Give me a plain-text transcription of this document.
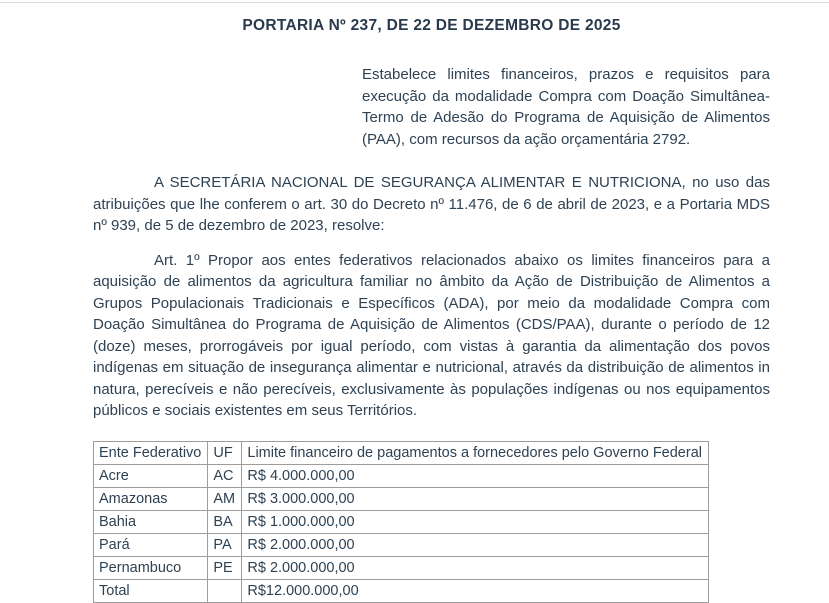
PORTARIA Nº 237, DE 22 DE DEZEMBRO DE 2025

Estabelece limites financeiros, prazos e requisitos para execução da modalidade Compra com Doação Simultânea-Termo de Adesão do Programa de Aquisição de Alimentos (PAA), com recursos da ação orçamentária 2792.

A SECRETÁRIA NACIONAL DE SEGURANÇA ALIMENTAR E NUTRICIONA, no uso das atribuições que lhe conferem o art. 30 do Decreto nº 11.476, de 6 de abril de 2023, e a Portaria MDS nº 939, de 5 de dezembro de 2023, resolve:

Art. 1º Propor aos entes federativos relacionados abaixo os limites financeiros para a aquisição de alimentos da agricultura familiar no âmbito da Ação de Distribuição de Alimentos a Grupos Populacionais Tradicionais e Específicos (ADA), por meio da modalidade Compra com Doação Simultânea do Programa de Aquisição de Alimentos (CDS/PAA), durante o período de 12 (doze) meses, prorrogáveis por igual período, com vistas à garantia da alimentação dos povos indígenas em situação de insegurança alimentar e nutricional, através da distribuição de alimentos in natura, perecíveis e não perecíveis, exclusivamente às populações indígenas ou nos equipamentos públicos e sociais existentes em seus Territórios.

Ente Federativo	UF	Limite financeiro de pagamentos a fornecedores pelo Governo Federal
Acre	AC	R$ 4.000.000,00
Amazonas	AM	R$ 3.000.000,00
Bahia	BA	R$ 1.000.000,00
Pará	PA	R$ 2.000.000,00
Pernambuco	PE	R$ 2.000.000,00
Total		R$12.000.000,00
